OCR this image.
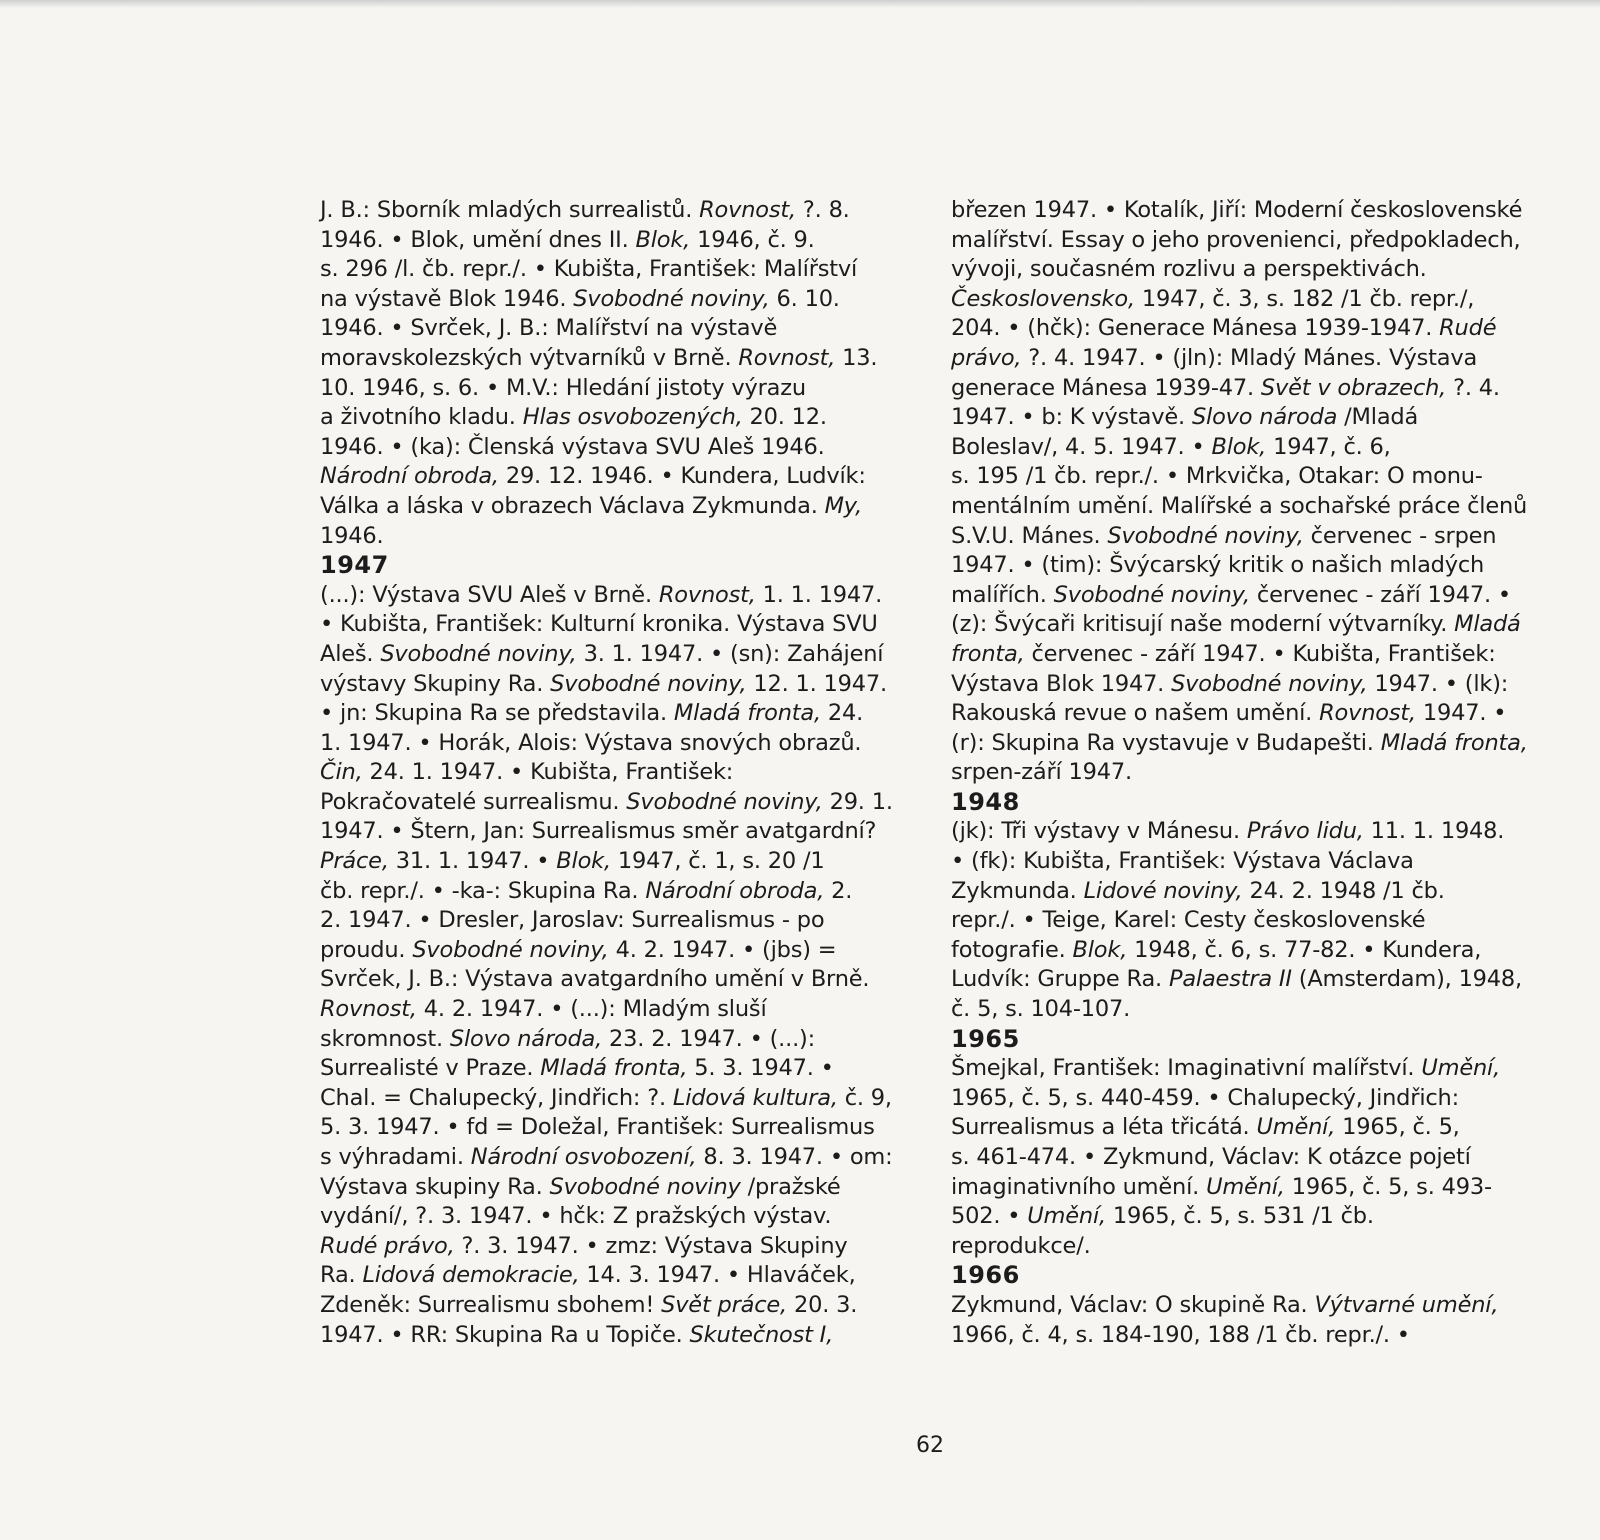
J. B.: Sborník mladých surrealistů. Rovnost, ?. 8.

1946. • Blok, umění dnes II. Blok, 1946, č. 9.

s. 296 /l. čb. repr./. • Kubišta, František: Malířství

na výstavě Blok 1946. Svobodné noviny, 6. 10.

1946. • Svrček, J. B.: Malířství na výstavě

moravskolezských výtvarníků v Brně. Rovnost, 13.

10. 1946, s. 6. • M.V.: Hledání jistoty výrazu

a životního kladu. Hlas osvobozených, 20. 12.

1946. • (ka): Členská výstava SVU Aleš 1946.

Národní obroda, 29. 12. 1946. • Kundera, Ludvík:

Válka a láska v obrazech Václava Zykmunda. My,

1946.

1947

(...): Výstava SVU Aleš v Brně. Rovnost, 1. 1. 1947.

• Kubišta, František: Kulturní kronika. Výstava SVU

Aleš. Svobodné noviny, 3. 1. 1947. • (sn): Zahájení

výstavy Skupiny Ra. Svobodné noviny, 12. 1. 1947.

• jn: Skupina Ra se představila. Mladá fronta, 24.

1. 1947. • Horák, Alois: Výstava snových obrazů.

Čin, 24. 1. 1947. • Kubišta, František:

Pokračovatelé surrealismu. Svobodné noviny, 29. 1.

1947. • Štern, Jan: Surrealismus směr avatgardní?

Práce, 31. 1. 1947. • Blok, 1947, č. 1, s. 20 /1

čb. repr./. • -ka-: Skupina Ra. Národní obroda, 2.

2. 1947. • Dresler, Jaroslav: Surrealismus - po

proudu. Svobodné noviny, 4. 2. 1947. • (jbs) =

Svrček, J. B.: Výstava avatgardního umění v Brně.

Rovnost, 4. 2. 1947. • (...): Mladým sluší

skromnost. Slovo národa, 23. 2. 1947. • (...):

Surrealisté v Praze. Mladá fronta, 5. 3. 1947. •

Chal. = Chalupecký, Jindřich: ?. Lidová kultura, č. 9,

5. 3. 1947. • fd = Doležal, František: Surrealismus

s výhradami. Národní osvobození, 8. 3. 1947. • om:

Výstava skupiny Ra. Svobodné noviny /pražské

vydání/, ?. 3. 1947. • hčk: Z pražských výstav.

Rudé právo, ?. 3. 1947. • zmz: Výstava Skupiny

Ra. Lidová demokracie, 14. 3. 1947. • Hlaváček,

Zdeněk: Surrealismu sbohem! Svět práce, 20. 3.

1947. • RR: Skupina Ra u Topiče. Skutečnost I,

březen 1947. • Kotalík, Jiří: Moderní československé

malířství. Essay o jeho provenienci, předpokladech,

vývoji, současném rozlivu a perspektivách.

Československo, 1947, č. 3, s. 182 /1 čb. repr./,

204. • (hčk): Generace Mánesa 1939-1947. Rudé

právo, ?. 4. 1947. • (jln): Mladý Mánes. Výstava

generace Mánesa 1939-47. Svět v obrazech, ?. 4.

1947. • b: K výstavě. Slovo národa /Mladá

Boleslav/, 4. 5. 1947. • Blok, 1947, č. 6,

s. 195 /1 čb. repr./. • Mrkvička, Otakar: O monu-

mentálním umění. Malířské a sochařské práce členů

S.V.U. Mánes. Svobodné noviny, červenec - srpen

1947. • (tim): Švýcarský kritik o našich mladých

malířích. Svobodné noviny, červenec - září 1947. •

(z): Švýcaři kritisují naše moderní výtvarníky. Mladá

fronta, červenec - září 1947. • Kubišta, František:

Výstava Blok 1947. Svobodné noviny, 1947. • (lk):

Rakouská revue o našem umění. Rovnost, 1947. •

(r): Skupina Ra vystavuje v Budapešti. Mladá fronta,

srpen-září 1947.

1948

(jk): Tři výstavy v Mánesu. Právo lidu, 11. 1. 1948.

• (fk): Kubišta, František: Výstava Václava

Zykmunda. Lidové noviny, 24. 2. 1948 /1 čb.

repr./. • Teige, Karel: Cesty československé

fotografie. Blok, 1948, č. 6, s. 77-82. • Kundera,

Ludvík: Gruppe Ra. Palaestra II (Amsterdam), 1948,

č. 5, s. 104-107.

1965

Šmejkal, František: Imaginativní malířství. Umění,

1965, č. 5, s. 440-459. • Chalupecký, Jindřich:

Surrealismus a léta třicátá. Umění, 1965, č. 5,

s. 461-474. • Zykmund, Václav: K otázce pojetí

imaginativního umění. Umění, 1965, č. 5, s. 493-

502. • Umění, 1965, č. 5, s. 531 /1 čb.

reprodukce/.

1966

Zykmund, Václav: O skupině Ra. Výtvarné umění,

1966, č. 4, s. 184-190, 188 /1 čb. repr./. •

62
